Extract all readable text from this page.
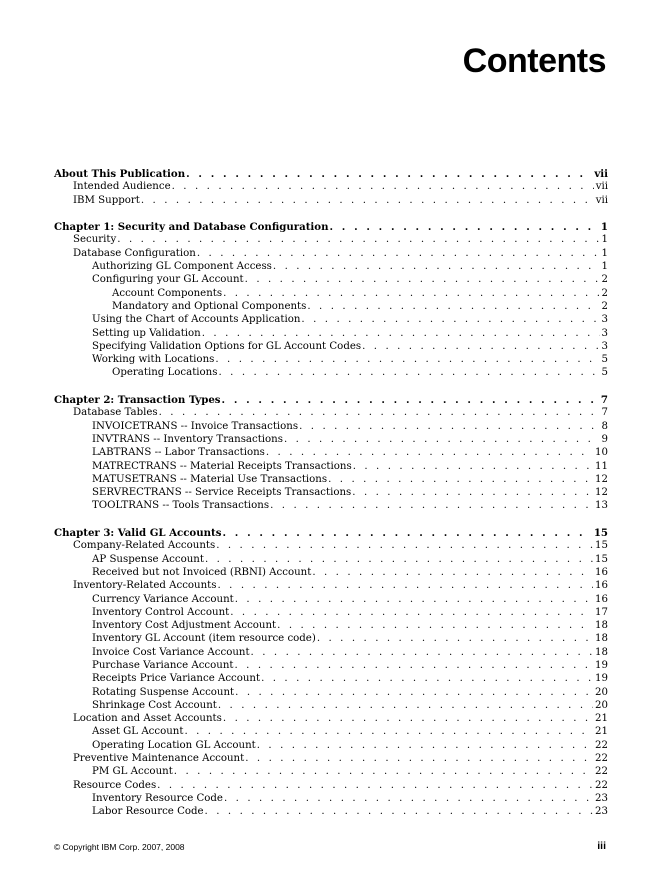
Contents
About This Publication . . .	vii
Intended Audience . . .	vii
IBM Support . . .	vii
Chapter 1: Security and Database Configuration . . .	1
Security . . .	1
Database Configuration . . .	1
Authorizing GL Component Access . . .	1
Configuring your GL Account . . .	2
Account Components . . .	2
Mandatory and Optional Components . . .	2
Using the Chart of Accounts Application . . .	3
Setting up Validation . . .	3
Specifying Validation Options for GL Account Codes . . .	3
Working with Locations . . .	5
Operating Locations . . .	5
Chapter 2: Transaction Types . . .	7
Database Tables . . .	7
INVOICETRANS -- Invoice Transactions . . .	8
INVTRANS -- Inventory Transactions . . .	9
LABTRANS -- Labor Transactions . . .	10
MATRECTRANS -- Material Receipts Transactions . . .	11
MATUSETRANS -- Material Use Transactions . . .	12
SERVRECTRANS -- Service Receipts Transactions . . .	12
TOOLTRANS -- Tools Transactions . . .	13
Chapter 3: Valid GL Accounts . . .	15
Company-Related Accounts . . .	15
AP Suspense Account . . .	15
Received but not Invoiced (RBNI) Account . . .	16
Inventory-Related Accounts . . .	16
Currency Variance Account . . .	16
Inventory Control Account . . .	17
Inventory Cost Adjustment Account . . .	18
Inventory GL Account (item resource code) . . .	18
Invoice Cost Variance Account . . .	18
Purchase Variance Account . . .	19
Receipts Price Variance Account . . .	19
Rotating Suspense Account . . .	20
Shrinkage Cost Account . . .	20
Location and Asset Accounts . . .	21
Asset GL Account . . .	21
Operating Location GL Account . . .	22
Preventive Maintenance Account . . .	22
PM GL Account . . .	22
Resource Codes . . .	22
Inventory Resource Code . . .	23
Labor Resource Code . . .	23
© Copyright IBM Corp. 2007, 2008	iii
